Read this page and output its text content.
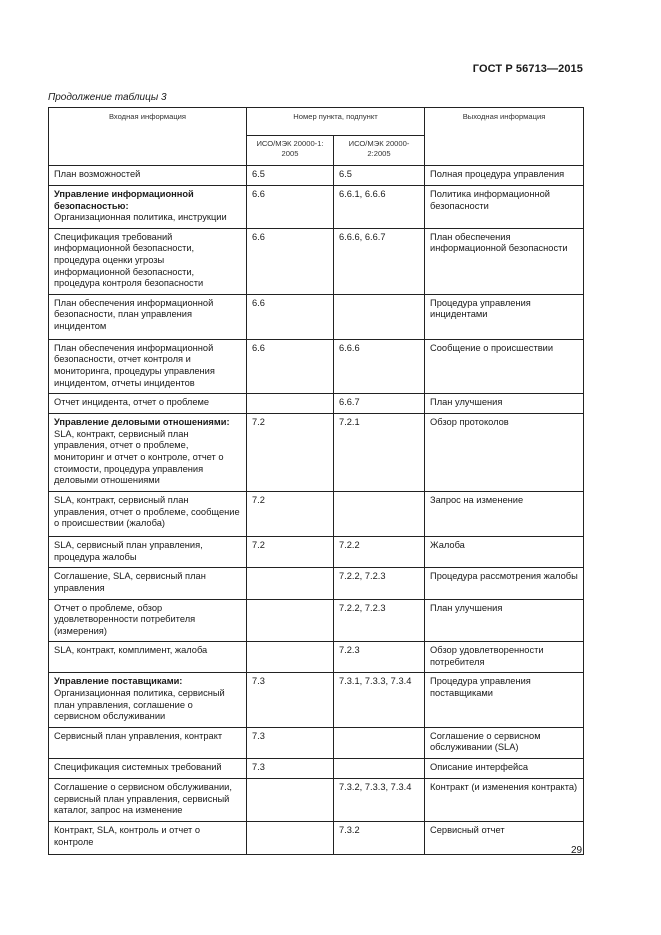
ГОСТ Р 56713—2015
Продолжение таблицы 3
Входная информация	Номер пункта, подпункт		Выходная информация
	ИСО/МЭК 20000-1: 2005	ИСО/МЭК 20000-2:2005	

План возможностей	6.5	6.5	Полная процедура управления

Управление информационной безопасностью:
Организационная политика, инструкции	6.6	6.6.1, 6.6.6	Политика информационной безопасности

Спецификация требований информационной безопасности, процедура оценки угрозы информационной безопасности, процедура контроля безопасности	6.6	6.6.6, 6.6.7	План обеспечения информационной безопасности

План обеспечения информационной безопасности, план управления инцидентом	6.6		Процедура управления инцидентами

План обеспечения информационной безопасности, отчет контроля и мониторинга, процедуры управления инцидентом, отчеты инцидентов	6.6	6.6.6	Сообщение о происшествии

Отчет инцидента, отчет о проблеме		6.6.7	План улучшения

Управление деловыми отношениями:
SLA, контракт, сервисный план управления, отчет о проблеме, мониторинг и отчет о контроле, отчет о стоимости, процедура управления деловыми отношениями	7.2	7.2.1	Обзор протоколов

SLA, контракт, сервисный план управления, отчет о проблеме, сообщение о происшествии (жалоба)	7.2		Запрос на изменение

SLA, сервисный план управления, процедура жалобы	7.2	7.2.2	Жалоба

Соглашение, SLA, сервисный план управления		7.2.2, 7.2.3	Процедура рассмотрения жалобы

Отчет о проблеме, обзор удовлетворенности потребителя (измерения)		7.2.2, 7.2.3	План улучшения

SLA, контракт, комплимент, жалоба		7.2.3	Обзор удовлетворенности потребителя

Управление поставщиками:
Организационная политика, сервисный план управления, соглашение о сервисном обслуживании	7.3	7.3.1, 7.3.3, 7.3.4	Процедура управления поставщиками

Сервисный план управления, контракт	7.3		Соглашение о сервисном обслуживании (SLA)

Спецификация системных требований	7.3		Описание интерфейса

Соглашение о сервисном обслуживании, сервисный план управления, сервисный каталог, запрос на изменение		7.3.2, 7.3.3, 7.3.4	Контракт (и изменения контракта)

Контракт, SLA, контроль и отчет о контроле		7.3.2	Сервисный отчет
29
